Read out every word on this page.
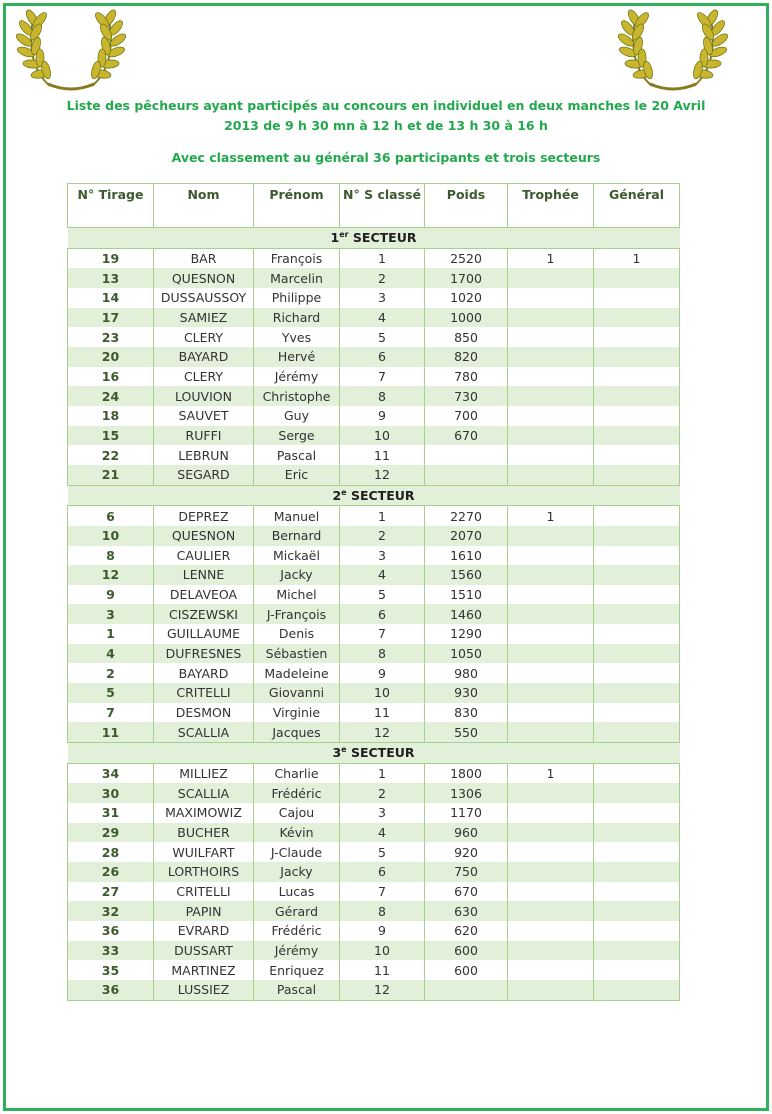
Liste des pêcheurs ayant participés au concours en individuel en deux manches le 20 Avril
2013 de 9 h 30 mn à 12 h et de 13 h 30 à 16 h
Avec classement au général 36 participants et trois secteurs
N° Tirage	Nom	Prénom	N° S classé	Poids	Trophée	Général
1er SECTEUR						
19	BAR	François	1	2520	1	1
13	QUESNON	Marcelin	2	1700		
14	DUSSAUSSOY	Philippe	3	1020		
17	SAMIEZ	Richard	4	1000		
23	CLERY	Yves	5	850		
20	BAYARD	Hervé	6	820		
16	CLERY	Jérémy	7	780		
24	LOUVION	Christophe	8	730		
18	SAUVET	Guy	9	700		
15	RUFFI	Serge	10	670		
22	LEBRUN	Pascal	11			
21	SEGARD	Eric	12			
2e SECTEUR						
6	DEPREZ	Manuel	1	2270	1	
10	QUESNON	Bernard	2	2070		
8	CAULIER	Mickaël	3	1610		
12	LENNE	Jacky	4	1560		
9	DELAVEOA	Michel	5	1510		
3	CISZEWSKI	J-François	6	1460		
1	GUILLAUME	Denis	7	1290		
4	DUFRESNES	Sébastien	8	1050		
2	BAYARD	Madeleine	9	980		
5	CRITELLI	Giovanni	10	930		
7	DESMON	Virginie	11	830		
11	SCALLIA	Jacques	12	550		
3e SECTEUR						
34	MILLIEZ	Charlie	1	1800	1	
30	SCALLIA	Frédéric	2	1306		
31	MAXIMOWIZ	Cajou	3	1170		
29	BUCHER	Kévin	4	960		
28	WUILFART	J-Claude	5	920		
26	LORTHOIRS	Jacky	6	750		
27	CRITELLI	Lucas	7	670		
32	PAPIN	Gérard	8	630		
36	EVRARD	Frédéric	9	620		
33	DUSSART	Jérémy	10	600		
35	MARTINEZ	Enriquez	11	600		
36	LUSSIEZ	Pascal	12			
